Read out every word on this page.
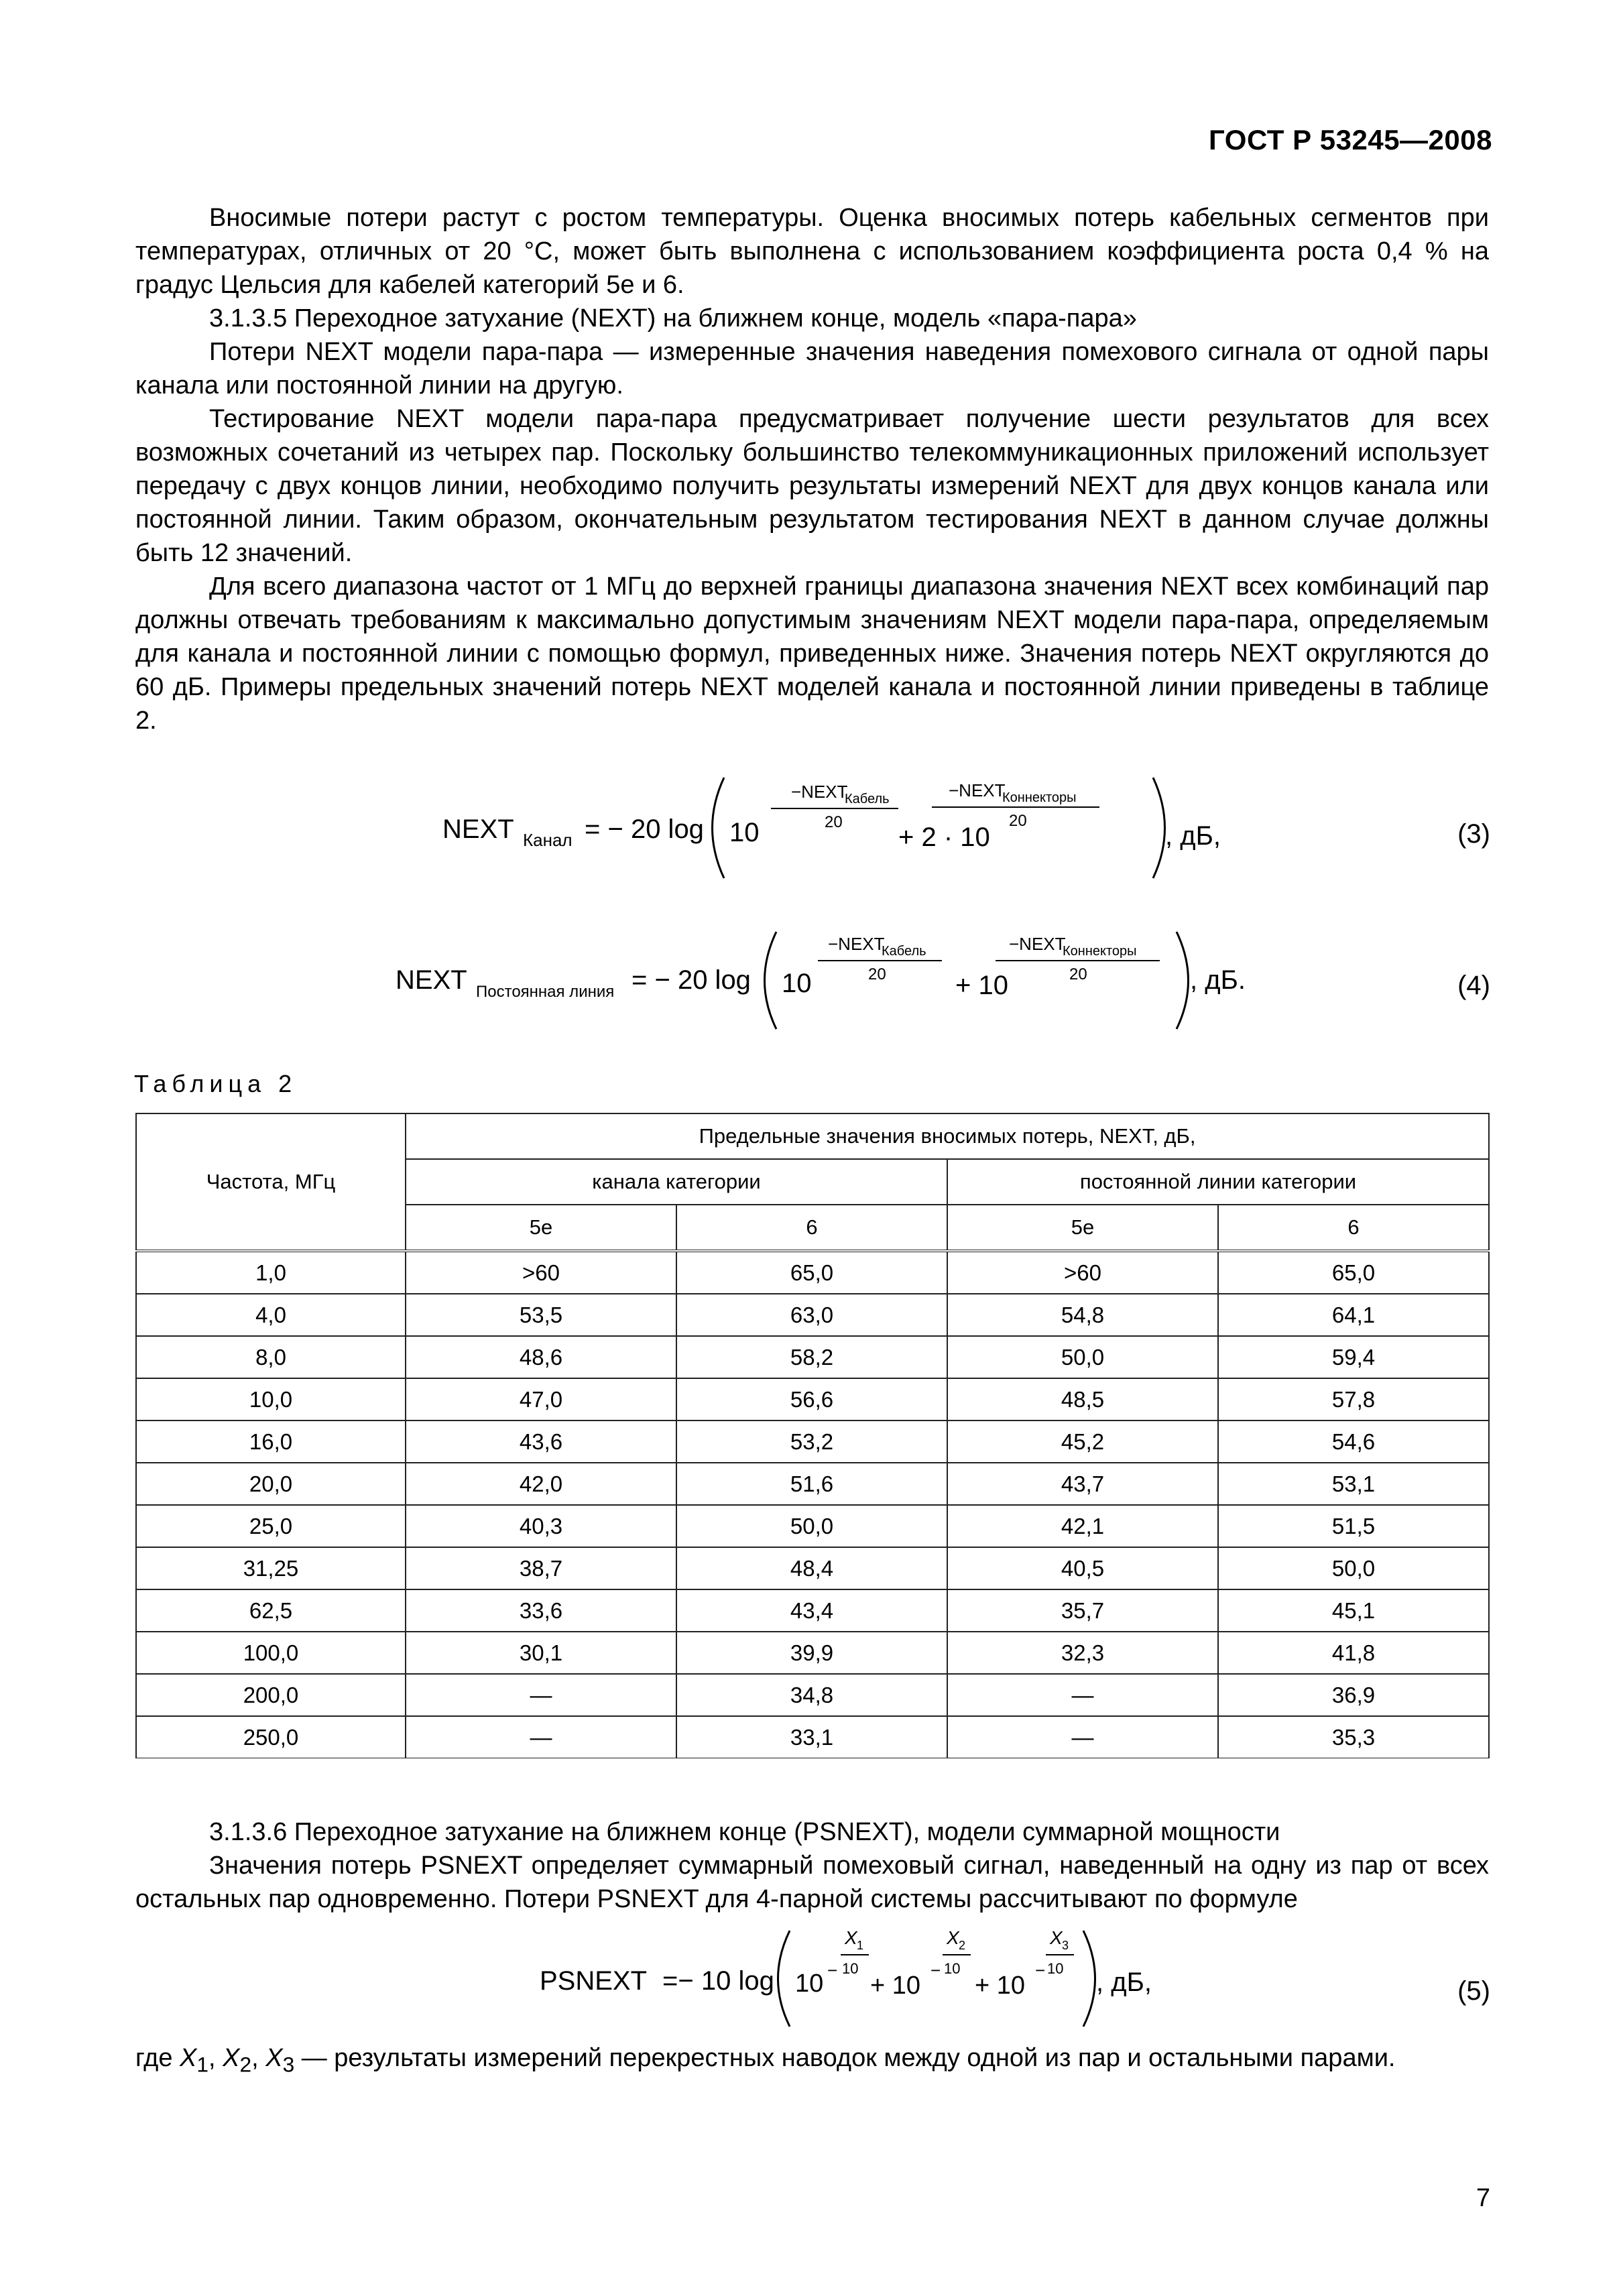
ГОСТ Р 53245—2008

Вносимые потери растут с ростом температуры. Оценка вносимых потерь кабельных сегментов при температурах, отличных от 20 °С, может быть выполнена с использованием коэффициента роста 0,4 % на градус Цельсия для кабелей категорий 5е и 6.

3.1.3.5 Переходное затухание (NEXT) на ближнем конце, модель «пара-пара»

Потери NEXT модели пара-пара — измеренные значения наведения помехового сигнала от одной пары канала или постоянной линии на другую.

Тестирование NEXT модели пара-пара предусматривает получение шести результатов для всех возможных сочетаний из четырех пар. Поскольку большинство телекоммуникационных приложений использует передачу с двух концов линии, необходимо получить результаты измерений NEXT для двух концов канала или постоянной линии. Таким образом, окончательным результатом тестирования NEXT в данном случае должны быть 12 значений.

Для всего диапазона частот от 1 МГц до верхней границы диапазона значения NEXT всех комбинаций пар должны отвечать требованиям к максимально допустимым значениям NEXT модели пара-пара, определяемым для канала и постоянной линии с помощью формул, приведенных ниже. Значения потерь NEXT округляются до 60 дБ. Примеры предельных значений потерь NEXT моделей канала и постоянной линии приведены в таблице 2.

NEXT Канал = − 20 log 10
−NEXT
Кабель
20
+ 2 · 10
−NEXT
Коннекторы
20
, дБ,	(3)
NEXT Постоянная линия = − 20 log 10
−NEXT
Кабель
20	+ 10
−NEXT
Коннекторы
20	, дБ.	(4)
Таблица 2
Частота, МГц	Предельные значения вносимых потерь, NEXT, дБ,			
	канала категории		постоянной линии категории	
	5е	6	5е	6
1,0	>60	65,0	>60	65,0
4,0	53,5	63,0	54,8	64,1
8,0	48,6	58,2	50,0	59,4
10,0	47,0	56,6	48,5	57,8
16,0	43,6	53,2	45,2	54,6
20,0	42,0	51,6	43,7	53,1
25,0	40,3	50,0	42,1	51,5
31,25	38,7	48,4	40,5	50,0
62,5	33,6	43,4	35,7	45,1
100,0	30,1	39,9	32,3	41,8
200,0	—	34,8	—	36,9
250,0	—	33,1	—	35,3

3.1.3.6 Переходное затухание на ближнем конце (PSNEXT), модели суммарной мощности

Значения потерь PSNEXT определяет суммарный помеховый сигнал, наведенный на одну из пар от всех остальных пар одновременно. Потери PSNEXT для 4-парной системы рассчитывают по формуле

PSNEXT =− 10 log 10 −
X 1
10
+ 10
−
X 2
10
+ 10
−
X 3
10 , дБ,	(5)
где $X_1$, $X_2$, $X_3$ — результаты измерений перекрестных наводок между одной из пар и остальными парами.
7
